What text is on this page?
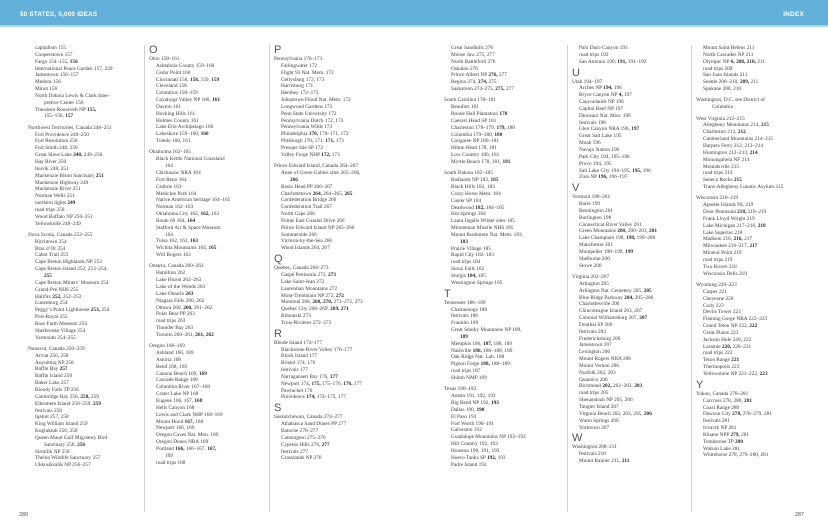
50 STATES, 5,000 IDEAS	INDEX
capitalism 155
Cooperstown 157
Fargo 154–155, 156
International Peace Garden 157, 239
Jamestown 156–157
Medora 156
Minot 156
North Dakota Lewis & Clark Inter-
pretive Center 156
Theodore Roosevelt NP 155,
155–156, 157
Northwest Territories, Canada 248–251
Fort Providence 249–250
Fort Resolution 250
Fort Smith 248, 250
Great Slave Lake 248, 249–250
Hay River 250
Inuvik 248, 251
Mackenzie Bison Sanctuary 251
Mackenzie Highway 249
Mackenzie River 251
Norman Wells 251
northern lights 249
road trips 250
Wood Buffalo NP 250–251
Yellowknife 248–249
Nova Scotia, Canada 252–255
Birchtown 254
Bras d’Or 254
Cabot Trail 253
Cape Breton Highlands NP 253
Cape Breton Island 252, 253–254,
255
Cape Breton Miners’ Museum 254
Grand-Pré NHS 255
Halifax 252, 252–253
Lunenburg 254
Peggy’s Point Lighthouse 253, 254
Port-Royal 255
Ross Farm Museum 254
Sherbrooke Village 254
Yarmouth 254–255
Nunavut, Canada 256–259
Arviat 256, 258
Auyuittuq NP 258
Baffin Bay 257
Baffin Island 258
Baker Lake 257
Bloody Falls TP 256
Cambridge Bay 256, 258, 259
Ellesmere Island 258–259, 259
festivals 258
Iqaluit 257, 258
King William Island 259
Kugluktuk 256, 258
Queen Maud Gulf Migratory Bird
Sanctuary 256, 256
Sirmilik NP 258
Thelon Wildlife Sanctuary 257
Ukkusiksalik NP 256–257
O
Ohio 158–161
Ashtabula County 159–160
Cedar Point 160
Cincinnati 158, 158, 159, 159
Cleveland 158
Columbus 158–159
Cuyahoga Valley NP 160, 161
Dayton 161
Hocking Hills 161
Holmes County 161
Lake Erie Archipelago 160
Lakeshore 159–160, 160
Toledo 160, 161
Oklahoma 162–165
Black Kettle National Grassland
164
Chickasaw NRA 164
Fort Reno 164
Guthrie 163
Medicine Park 164
Native American heritage 164–165
Norman 162–163
Oklahoma City 162, 162, 163
Route 66 164, 164
Stafford Air & Space Museum
164
Tulsa 162, 163, 163
Wichita Mountains 164, 165
Will Rogers 163
Ontario, Canada 260–263
Hamilton 262
Lake Huron 262–263
Lake of the Woods 263
Lake Ontario 263
Niagara Falls 260, 262
Ottawa 260, 260, 261–262
Polar Bear PP 263
road trips 263
Thunder Bay 263
Toronto 260–261, 261, 262
Oregon 166–169
Ashland 166, 169
Astoria 168
Bend 168, 169
Cannon Beach 169, 169
Cascade Range 168
Columbia River 167–168
Crater Lake NP 168
Eugene 166, 167, 168
Hells Canyon 168
Lewis and Clark NHP 168–169
Mount Hood 167, 168
Newport 166, 169
Oregon Caves Nat. Mon. 169
Oregon Dunes NRA 169
Portland 166, 166–167, 167,
169
road trips 168
P
Pennsylvania 170–173
Fallingwater 172
Flight 93 Nat. Mem. 172
Gettysburg 172, 173
Harrisburg 171
Hershey 172–173
Johnstown Flood Nat. Mem. 172
Longwood Gardens 173
Penn State University 172
Pennsylvania Dutch 172, 173
Pennsylvania Wilds 173
Philadelphia 170, 170–171, 173
Pittsburgh 170, 171, 171, 173
Presque Isle SP 172
Valley Forge NHP 172, 173
Prince Edward Island, Canada 264–267
Anne of Green Gables sites 265–266,
266
Basin Head PP 266–267
Charlottetown 264, 264–265, 265
Confederation Bridge 266
Confederation Trail 267
North Cape 266
Points East Coastal Drive 266
Prince Edward Island NP 265–266
Summerside 266
Victoria-by-the-Sea 266
Wood Islands 264, 267
Q
Quebec, Canada 268–273
Gaspé Peninsula 273, 273
Lake Saint-Jean 272
Laurentian Mountains 272
Mont-Tremblant NP 272, 272
Montreal 268, 268, 270, 271–272, 273
Quebec City 268–269, 269, 271
Rimouski 273
Trois-Rivières 272–273
R
Rhode Island 174–177
Blackstone River Valley 176–177
Block Island 177
Bristol 174, 176
festivals 177
Narragansett Bay 176, 177
Newport 174, 175, 175–176, 176, 177
Pawtucket 176
Providence 174, 174–175, 177
S
Saskatchewan, Canada 274–277
Athabasca Sand Dunes PP 277
Batoche 276–277
Cannington 275–276
Cypress Hills 276, 277
festivals 277
Grasslands NP 276
280
Great Sandhills 276
Moose Jaw 275, 277
North Battleford 276
Oskaloo 276
Prince Albert NP 276, 277
Regina 274, 274, 275
Saskatoon 274–275, 275, 277
South Carolina 178–181
Beaufort 181
Boone Hall Plantation 178
Caesars Head SP 181
Charleston 178–179, 179, 180
Columbia 179–180, 180
Congaree NP 180–181
Hilton Head 178, 181
Low Country 180, 181
Myrtle Beach 178, 181, 181
South Dakota 182–185
Badlands NP 183, 185
Black Hills 182, 183
Crazy Horse Mem. 184
Custer SP 184
Deadwood 182, 184–185
Hot Springs 184
Laura Ingalls Wilder sites 185
Minuteman Missile NHS 185
Mount Rushmore Nat. Mem. 183,
183
Prairie Village 185
Rapid City 182–183
road trips 184
Sioux Falls 182
Sturgis 184, 185
Wessington Springs 185
T
Tennessee 186–189
Chattanooga 188
festivals 188
Franklin 189
Great Smoky Mountains NP 189,
189
Memphis 186, 187, 188, 189
Nashville 186, 186–188, 189
Oak Ridge Nat. Lab. 188
Pigeon Forge 188, 188–189
road trips 187
Shiloh NMP 189
Texas 190–193
Austin 191, 192, 193
Big Bend NP 192, 193
Dallas 190, 190
El Paso 193
Fort Worth 190–191
Galveston 192
Guadalupe Mountains NP 192–193
Hill Country 192, 193
Houston 190, 191, 193
Hueco Tanks SP 192, 193
Padre Island 192
Palo Duro Canyon 193
road trips 192
San Antonio 190, 191, 191–192
U
Utah 194–197
Arches NP 194, 196
Bryce Canyon NP 4, 197
Canyonlands NP 196
Capitol Reef NP 197
Dinosaur Nat. Mon. 196
festivals 196
Glen Canyon NRA 196, 197
Great Salt Lake 195
Moab 196
Navajo Nation 196
Park City 194, 195–196
Provo 194, 195
Salt Lake City 194–195, 195, 196
Zion NP 196, 196–197
V
Vermont 198–201
Barre 199
Bennington 201
Burlington 198
Connecticut River Valley 201
Green Mountains 200, 200–201, 201
Lake Champlain 198, 198, 199–200
Manchester 201
Montpelier 198–199, 199
Shelburne 200
Stowe 200
Virginia 202–207
Arlington 205
Arlington Nat. Cemetery 205, 205
Blue Ridge Parkway 204, 205–206
Charlottesville 206
Chincoteague Island 203, 207
Colonial Williamsburg 207, 207
Douthat SP 206
festivals 203
Fredericksburg 206
Jamestown 207
Lexington 206
Mount Rogers NRA 206
Mount Vernon 206
Norfolk 202, 203
Quantico 206
Richmond 202, 202–203, 203
road trips 205
Shenandoah NP 205, 206
Tangier Island 207
Virginia Beach 202, 203, 205, 206
Warm Springs 206
Yorktown 207
W
Washington 208–211
festivals 210
Mount Rainier 211, 211
Mount Saint Helens 211
North Cascades NP 211
Olympic NP 6, 208, 210, 211
road trips 209
San Juan Islands 211
Seattle 208–210, 209, 211
Spokane 208, 210
Washington, D.C. see District of
Columbia
West Virginia 212–215
Allegheny Mountains 214, 215
Charleston 212, 212
Cumberland Mountains 214–215
Harpers Ferry 212, 213–214
Huntington 212–213, 214
Monongahela NF 214
Moundsville 215
road trips 214
Seneca Rocks 215
Trans-Allegheny Lunatic Asylum 215
Wisconsin 216–219
Apostle Islands NL 219
Door Peninsula 218, 218–219
Frank Lloyd Wright 219
Lake Michigan 217–218, 218
Lake Superior 218
Madison 216, 216, 217
Milwaukee 216–217, 217
Mineral Point 219
road trips 219
Two Rivers 218
Wisconsin Dells 219
Wyoming 220–223
Casper 221
Cheyenne 220
Cody 223
Devils Tower 223
Flaming Gorge NRA 222–223
Grand Teton NP 222, 222
Great Plains 223
Jackson Hole 220, 222
Laramie 220, 220–221
road trips 222
Teton Range 221
Thermopolis 223
Yellowstone NP 221–222, 223
Y
Yukon, Canada 278–281
Carcross 278, 280, 281
Coast Range 280
Dawson City 278, 278–279, 281
festivals 281
Ivvavik NP 281
Kluane NPP 279, 281
Tombstone TP 280
Watson Lake 281
Whitehorse 278, 279–280, 281
287
